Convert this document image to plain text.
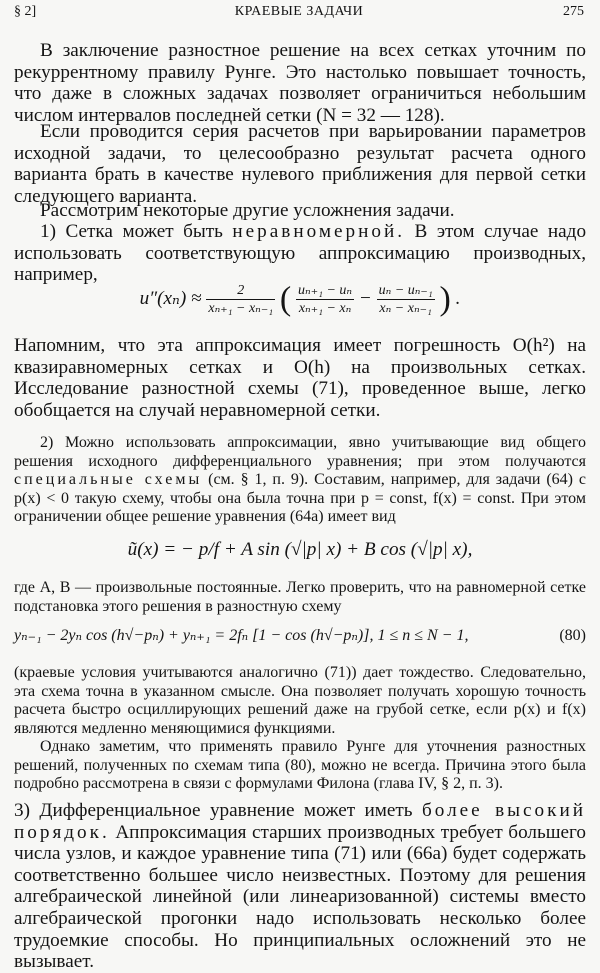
§ 2]	КРАЕВЫЕ ЗАДАЧИ	275

В заключение разностное решение на всех сетках уточним по рекуррентному правилу Рунге. Это настолько повышает точность, что даже в сложных задачах позволяет ограничиться небольшим числом интервалов последней сетки (N = 32 — 128).

Если проводится серия расчетов при варьировании параметров исходной задачи, то целесообразно результат расчета одного варианта брать в качестве нулевого приближения для первой сетки следующего варианта.

Рассмотрим некоторые другие усложнения задачи.

1) Сетка может быть неравномерной. В этом случае надо использовать соответствующую аппроксимацию производных, например,

$u''(x_n) \approx \frac{2}{\text{xₙ₊₁ − xₙ₋₁}}$ ( $\frac{\text{uₙ₊₁ − uₙ}}{\text{xₙ₊₁ − xₙ}} - \frac{\text{uₙ − uₙ₋₁}}{\text{xₙ − xₙ₋₁}}$ ) .

Напомним, что эта аппроксимация имеет погрешность O(h²) на квазиравномерных сетках и O(h) на произвольных сетках. Исследование разностной схемы (71), проведенное выше, легко обобщается на случай неравномерной сетки.

2) Можно использовать аппроксимации, явно учитывающие вид общего решения исходного дифференциального уравнения; при этом получаются специальные схемы (см. § 1, п. 9). Составим, например, для задачи (64) с p(x) < 0 такую схему, чтобы она была точна при p = const, f(x) = const. При этом ограничении общее решение уравнения (64а) имеет вид

ũ(x) = − p/f + A sin (√|p| x) + B cos (√|p| x),

где A, B — произвольные постоянные. Легко проверить, что на равномерной сетке подстановка этого решения в разностную схему

yₙ₋₁ − 2yₙ cos (h√−pₙ) + yₙ₊₁ = 2fₙ [1 − cos (h√−pₙ)], 1 ≤ n ≤ N − 1,	(80)

(краевые условия учитываются аналогично (71)) дает тождество. Следовательно, эта схема точна в указанном смысле. Она позволяет получать хорошую точность расчета быстро осциллирующих решений даже на грубой сетке, если p(x) и f(x) являются медленно меняющимися функциями.

Однако заметим, что применять правило Рунге для уточнения разностных решений, полученных по схемам типа (80), можно не всегда. Причина этого была подробно рассмотрена в связи с формулами Филона (глава IV, § 2, п. 3).

3) Дифференциальное уравнение может иметь более высокий порядок. Аппроксимация старших производных требует большего числа узлов, и каждое уравнение типа (71) или (66а) будет содержать соответственно большее число неизвестных. Поэтому для решения алгебраической линейной (или линеаризованной) системы вместо алгебраической прогонки надо использовать несколько более трудоемкие способы. Но принципиальных осложнений это не вызывает.
